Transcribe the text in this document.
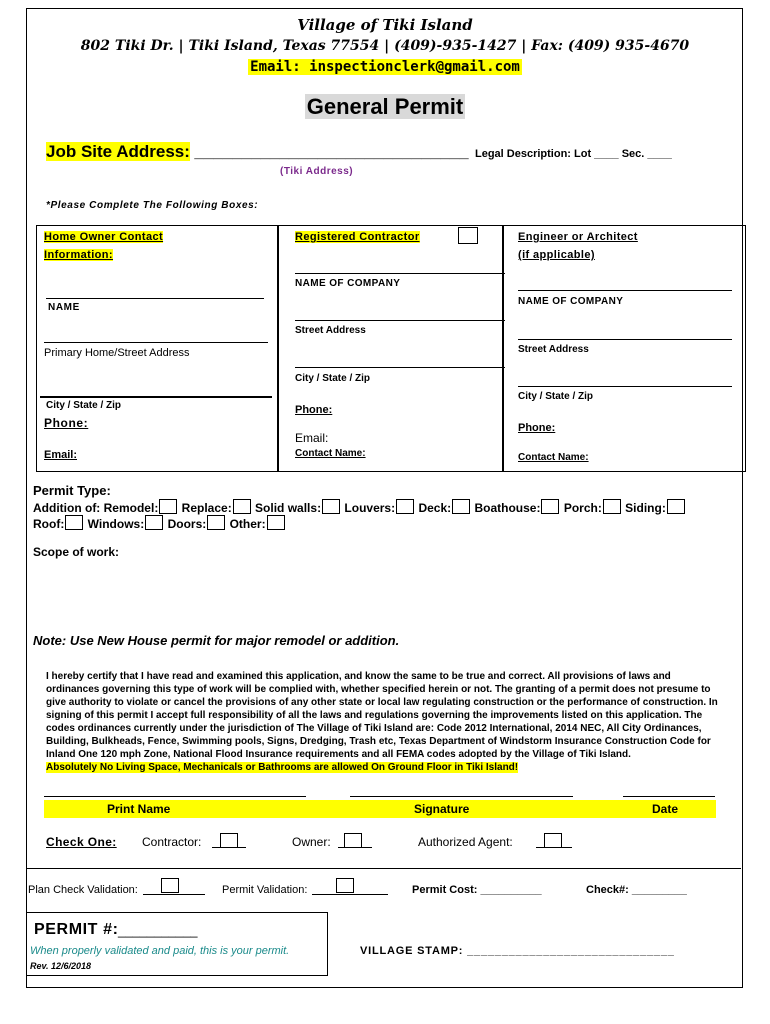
Village of Tiki Island
802 Tiki Dr. | Tiki Island, Texas 77554 | (409)-935-1427 | Fax: (409) 935-4670
Email: inspectionclerk@gmail.com
General Permit
Job Site Address: _____________________________ Legal Description: Lot ____ Sec. ____
(Tiki Address)
*Please Complete The Following Boxes:
Home Owner Contact
Information:
NAME
Primary Home/Street Address
City / State / Zip
Phone:
Email:
Registered Contractor
NAME OF COMPANY
Street Address
City / State / Zip
Phone:
Email:
Contact Name:
Engineer or Architect
(if applicable)
NAME OF COMPANY
Street Address
City / State / Zip
Phone:
Contact Name:
Permit Type:
Addition of: Remodel: Replace: Solid walls: Louvers: Deck: Boathouse: Porch: Siding:
Roof: Windows: Doors: Other:
Scope of work:
Note: Use New House permit for major remodel or addition.
I hereby certify that I have read and examined this application, and know the same to be true and correct. All provisions of laws and ordinances governing this type of work will be complied with, whether specified herein or not. The granting of a permit does not presume to give authority to violate or cancel the provisions of any other state or local law regulating construction or the performance of construction. In signing of this permit I accept full responsibility of all the laws and regulations governing the improvements listed on this application. The codes ordinances currently under the jurisdiction of The Village of Tiki Island are: Code 2012 International, 2014 NEC, All City Ordinances, Building, Bulkheads, Fence, Swimming pools, Signs, Dredging, Trash etc, Texas Department of Windstorm Insurance Construction Code for Inland One 120 mph Zone, National Flood Insurance requirements and all FEMA codes adopted by the Village of Tiki Island.
Absolutely No Living Space, Mechanicals or Bathrooms are allowed On Ground Floor in Tiki Island!
Print Name	Signature	Date
Check One: Contractor:	Owner:	Authorized Agent:
Plan Check Validation:	Permit Validation:	Permit Cost: __________	Check#: _________
PERMIT #: ___________
When properly validated and paid, this is your permit.
Rev. 12/6/2018
VILLAGE STAMP: ______________________________
